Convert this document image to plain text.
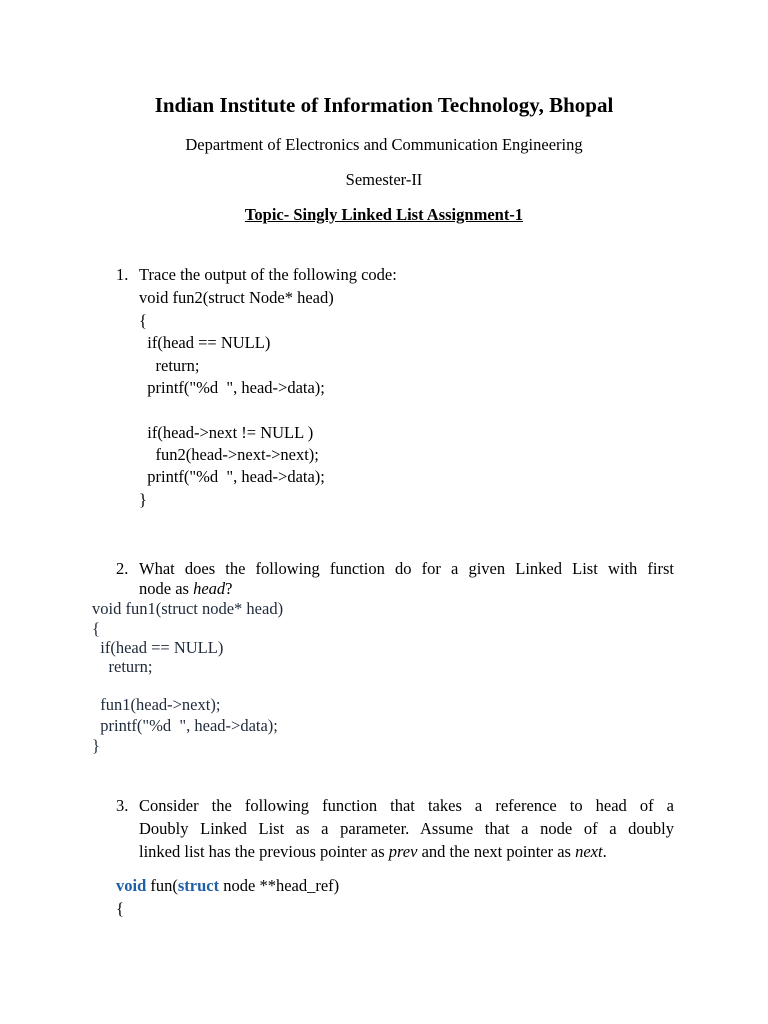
Indian Institute of Information Technology, Bhopal
Department of Electronics and Communication Engineering
Semester-II
Topic- Singly Linked List Assignment-1
1. Trace the output of the following code:
void fun2(struct Node* head)
{
if(head == NULL)
return;
printf("%d  ", head->data);
if(head->next != NULL )
fun2(head->next->next);
printf("%d  ", head->data);
}
2. What does the following function do for a given Linked List with first
node as head?
void fun1(struct node* head)
{
if(head == NULL)
return;
fun1(head->next);
printf("%d  ", head->data);
}
3. Consider the following function that takes a reference to head of a
Doubly Linked List as a parameter. Assume that a node of a doubly
linked list has the previous pointer as prev and the next pointer as next.
void fun(struct node **head_ref)
{
